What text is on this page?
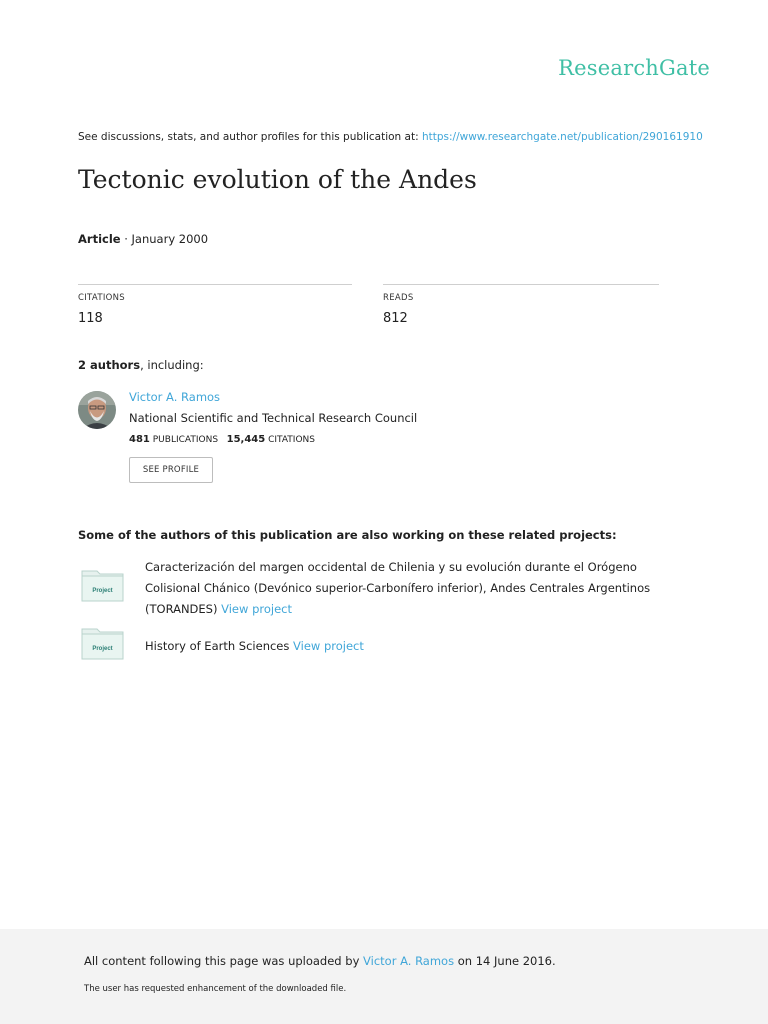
ResearchGate
See discussions, stats, and author profiles for this publication at: https://www.researchgate.net/publication/290161910
Tectonic evolution of the Andes
Article · January 2000
CITATIONS
118
READS
812
2 authors, including:
Victor A. Ramos
National Scientific and Technical Research Council
481 PUBLICATIONS 15,445 CITATIONS
SEE PROFILE
Some of the authors of this publication are also working on these related projects:
Project
Caracterización del margen occidental de Chilenia y su evolución durante el Orógeno Colisional Chánico (Devónico superior-Carbonífero inferior), Andes Centrales Argentinos (TORANDES) View project
Project	History of Earth Sciences View project
All content following this page was uploaded by Victor A. Ramos on 14 June 2016.
The user has requested enhancement of the downloaded file.
